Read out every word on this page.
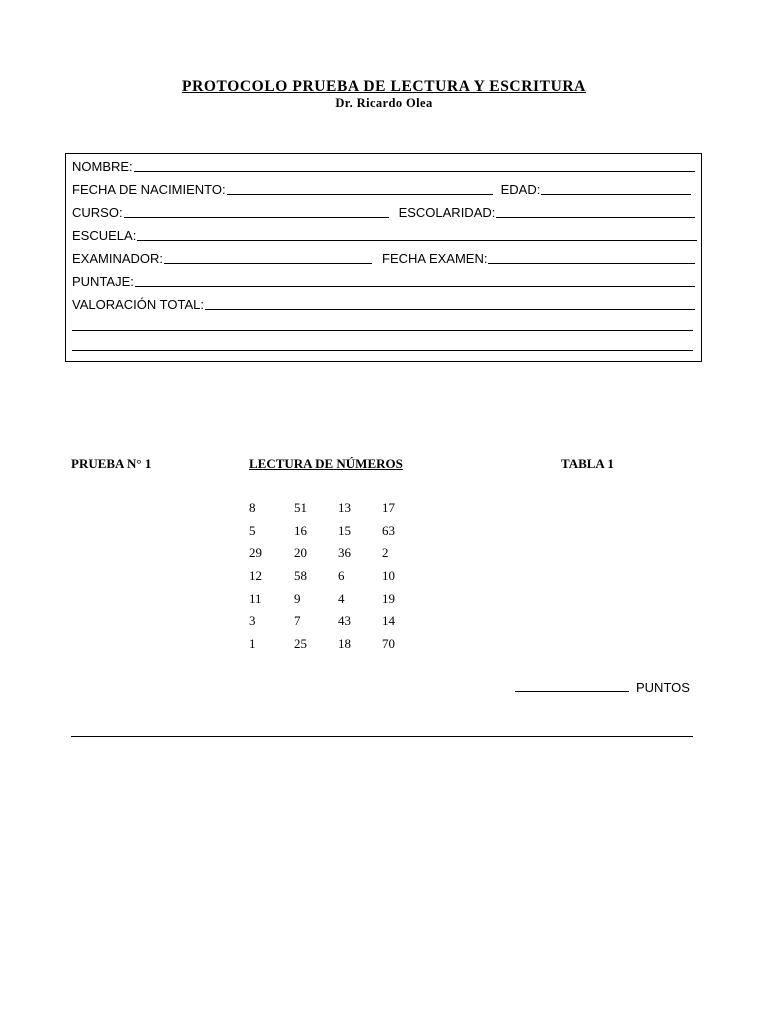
PROTOCOLO PRUEBA DE LECTURA Y ESCRITURA
Dr. Ricardo Olea
NOMBRE:
FECHA DE NACIMIENTO:	EDAD:
CURSO:	ESCOLARIDAD:
ESCUELA:
EXAMINADOR:	FECHA EXAMEN:
PUNTAJE:
VALORACIÓN TOTAL:
PRUEBA N° 1	LECTURA DE NÚMEROS	TABLA 1
8	51 13 17
5	16 15 63
29 20 36 2
12 58 6	10
11 9	4	19
3	7	43 14
1	25 18 70
PUNTOS
